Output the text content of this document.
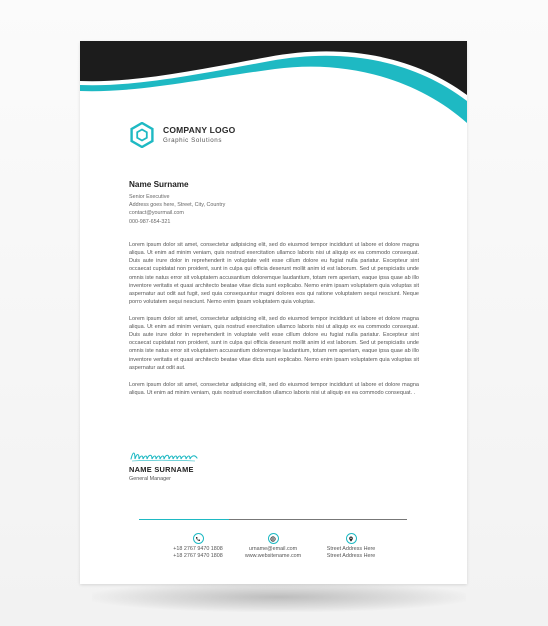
COMPANY LOGO
Graphic Solutions
Name Surname
Senior Executive
Address goes here, Street, City, Country
contact@yourmail.com
000-987-654-321

Lorem ipsum dolor sit amet, consectetur adipisicing elit, sed do eiusmod tempor incididunt ut labore et dolore magna aliqua. Ut enim ad minim veniam, quis nostrud exercitation ullamco laboris nisi ut aliquip ex ea commodo consequat. Duis aute irure dolor in reprehenderit in voluptate velit esse cillum dolore eu fugiat nulla pariatur. Excepteur sint occaecat cupidatat non proident, sunt in culpa qui officia deserunt mollit anim id est laborum. Sed ut perspiciatis unde omnis iste natus error sit voluptatem accusantium doloremque laudantium, totam rem aperiam, eaque ipsa quae ab illo inventore veritatis et quasi architecto beatae vitae dicta sunt explicabo. Nemo enim ipsam voluptatem quia voluptas sit aspernatur aut odit aut fugit, sed quia consequuntur magni dolores eos qui ratione voluptatem sequi nesciunt. Neque porro volutatem sequi nesciunt. Nemo enim ipsam voluptatem quia voluptas.

Lorem ipsum dolor sit amet, consectetur adipisicing elit, sed do eiusmod tempor incididunt ut labore et dolore magna aliqua. Ut enim ad minim veniam, quis nostrud exercitation ullamco laboris nisi ut aliquip ex ea commodo consequat. Duis aute irure dolor in reprehenderit in voluptate velit esse cillum dolore eu fugiat nulla pariatur. Excepteur sint occaecat cupidatat non proident, sunt in culpa qui officia deserunt mollit anim id est laborum. Sed ut perspiciatis unde omnis iste natus error sit voluptatem accusantium doloremque laudantium, totam rem aperiam, eaque ipsa quae ab illo inventore veritatis et quasi architecto beatae vitae dicta sunt explicabo. Nemo enim ipsam voluptatem quia voluptas sit aspernatur aut odit aut.

Lorem ipsum dolor sit amet, consectetur adipisicing elit, sed do eiusmod tempor incididunt ut labore et dolore magna aliqua. Ut enim ad minim veniam, quis nostrud exercitation ullamco laboris nisi ut aliquip ex ea commodo consequat. .

NAME SURNAME
General Manager
+18 2767 9470 1808
+18 2767 9470 1808
urname@email.com
www.websitename.com
Street Address Here
Street Address Here
